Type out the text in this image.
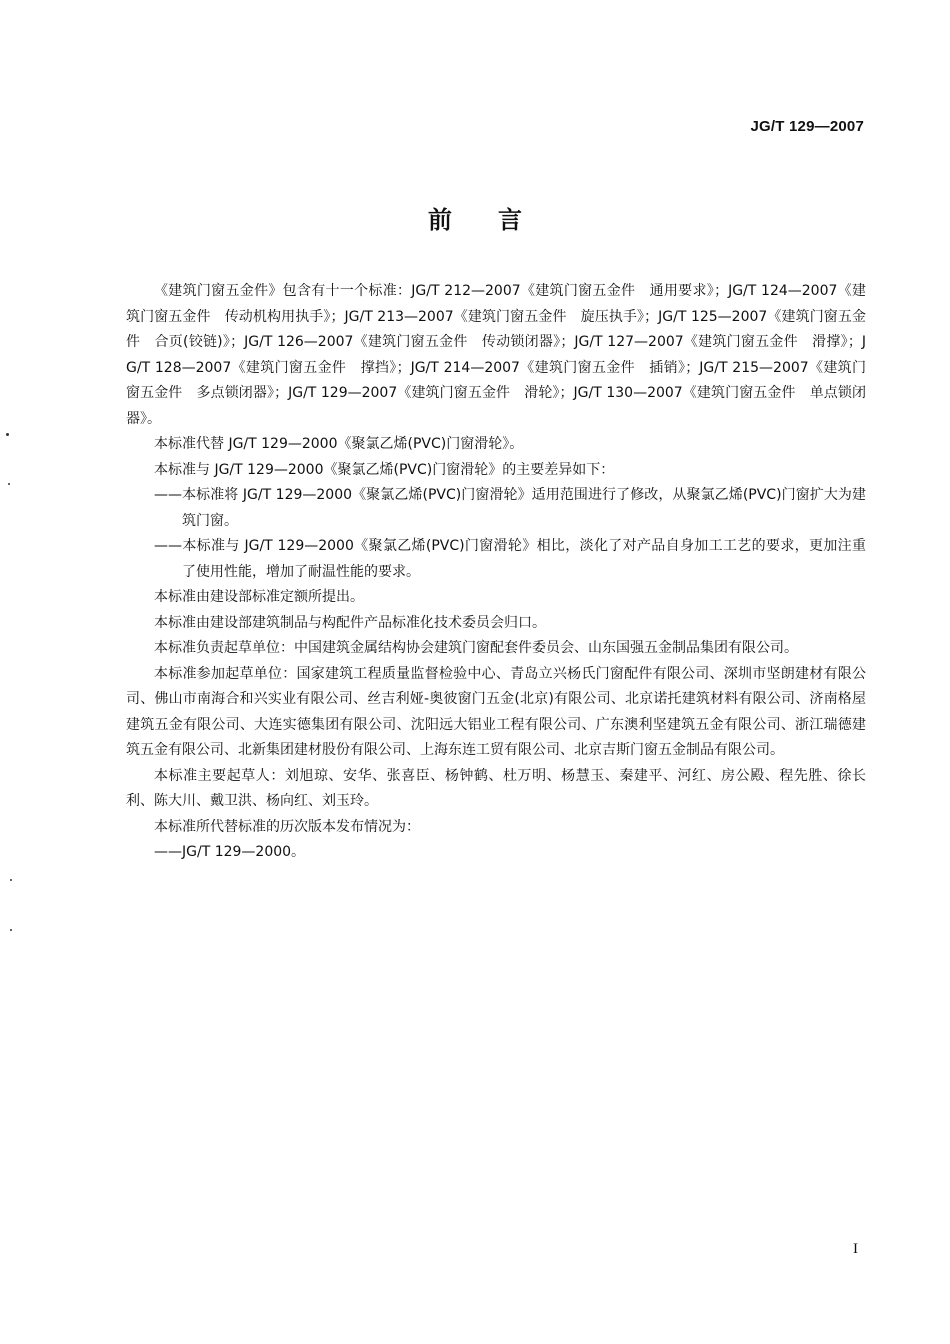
JG/T 129—2007
前言

《建筑门窗五金件》包含有十一个标准：JG/T 212—2007《建筑门窗五金件　通用要求》；JG/T 124—2007《建筑门窗五金件　传动机构用执手》；JG/T 213—2007《建筑门窗五金件　旋压执手》；JG/T 125—2007《建筑门窗五金件　合页(铰链)》；JG/T 126—2007《建筑门窗五金件　传动锁闭器》；JG/T 127—2007《建筑门窗五金件　滑撑》；JG/T 128—2007《建筑门窗五金件　撑挡》；JG/T 214—2007《建筑门窗五金件　插销》；JG/T 215—2007《建筑门窗五金件　多点锁闭器》；JG/T 129—2007《建筑门窗五金件　滑轮》；JG/T 130—2007《建筑门窗五金件　单点锁闭器》。

本标准代替 JG/T 129—2000《聚氯乙烯(PVC)门窗滑轮》。

本标准与 JG/T 129—2000《聚氯乙烯(PVC)门窗滑轮》的主要差异如下：

——本标准将 JG/T 129—2000《聚氯乙烯(PVC)门窗滑轮》适用范围进行了修改，从聚氯乙烯(PVC)门窗扩大为建筑门窗。

——本标准与 JG/T 129—2000《聚氯乙烯(PVC)门窗滑轮》相比，淡化了对产品自身加工工艺的要求，更加注重了使用性能，增加了耐温性能的要求。

本标准由建设部标准定额所提出。

本标准由建设部建筑制品与构配件产品标准化技术委员会归口。

本标准负责起草单位：中国建筑金属结构协会建筑门窗配套件委员会、山东国强五金制品集团有限公司。

本标准参加起草单位：国家建筑工程质量监督检验中心、青岛立兴杨氏门窗配件有限公司、深圳市坚朗建材有限公司、佛山市南海合和兴实业有限公司、丝吉利娅-奥彼窗门五金(北京)有限公司、北京诺托建筑材料有限公司、济南格屋建筑五金有限公司、大连实德集团有限公司、沈阳远大铝业工程有限公司、广东澳利坚建筑五金有限公司、浙江瑞德建筑五金有限公司、北新集团建材股份有限公司、上海东连工贸有限公司、北京吉斯门窗五金制品有限公司。

本标准主要起草人：刘旭琼、安华、张喜臣、杨钟鹤、杜万明、杨慧玉、秦建平、河红、房公殿、程先胜、徐长利、陈大川、戴卫洪、杨向红、刘玉玲。

本标准所代替标准的历次版本发布情况为：

——JG/T 129—2000。

I
